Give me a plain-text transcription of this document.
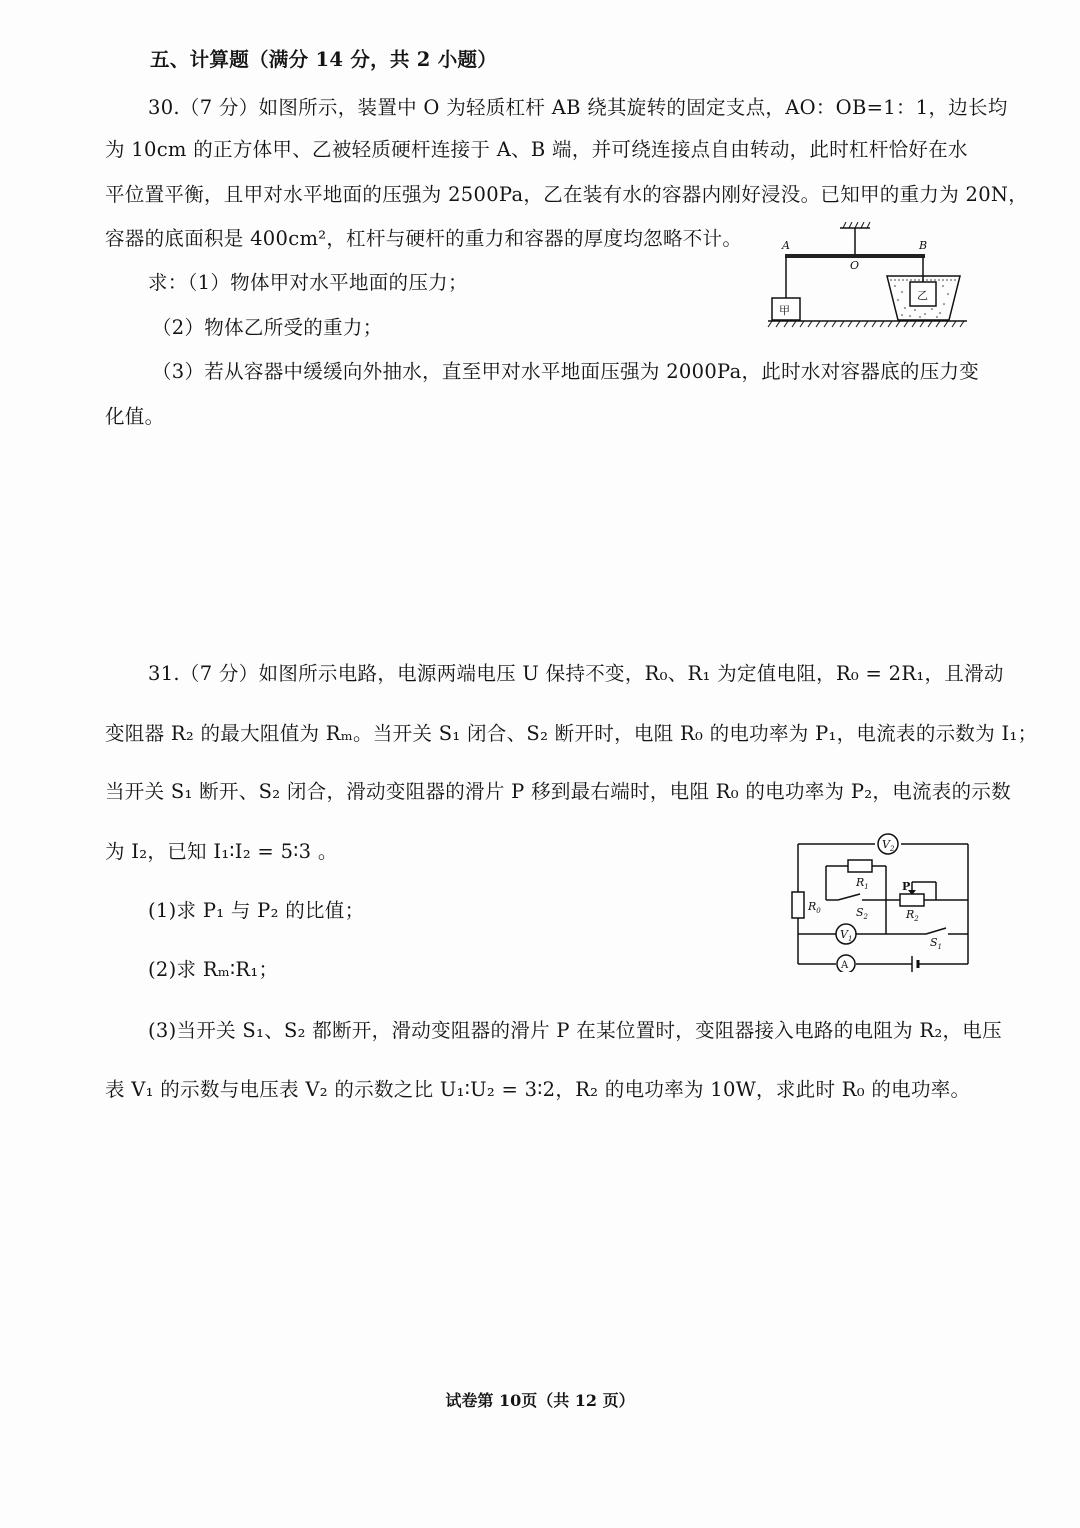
五、计算题（满分 14 分，共 2 小题）
30.（7 分）如图所示，装置中 O 为轻质杠杆 AB 绕其旋转的固定支点，AO：OB=1：1，边长均
为 10cm 的正方体甲、乙被轻质硬杆连接于 A、B 端，并可绕连接点自由转动，此时杠杆恰好在水
平位置平衡，且甲对水平地面的压强为 2500Pa，乙在装有水的容器内刚好浸没。已知甲的重力为 20N，
容器的底面积是 400cm²，杠杆与硬杆的重力和容器的厚度均忽略不计。
求：（1）物体甲对水平地面的压力；
（2）物体乙所受的重力；
（3）若从容器中缓缓向外抽水，直至甲对水平地面压强为 2000Pa，此时水对容器底的压力变
化值。
A
O
B
甲
乙
31.（7 分）如图所示电路，电源两端电压 U 保持不变，R₀、R₁ 为定值电阻，R₀ = 2R₁，且滑动
变阻器 R₂ 的最大阻值为 Rₘ。当开关 S₁ 闭合、S₂ 断开时，电阻 R₀ 的电功率为 P₁，电流表的示数为 I₁；
当开关 S₁ 断开、S₂ 闭合，滑动变阻器的滑片 P 移到最右端时，电阻 R₀ 的电功率为 P₂，电流表的示数
为 I₂，已知 I₁∶I₂ = 5∶3 。
(1)求 P₁ 与 P₂ 的比值；
(2)求 Rₘ∶R₁；
(3)当开关 S₁、S₂ 都断开，滑动变阻器的滑片 P 在某位置时，变阻器接入电路的电阻为 R₂，电压
表 V₁ 的示数与电压表 V₂ 的示数之比 U₁∶U₂ = 3∶2，R₂ 的电功率为 10W，求此时 R₀ 的电功率。
$V_2$
$R_0$
$R_1$
$S_2$
P
$R_2$
$V_1$	$S_1$
A
试卷第 10页（共 12 页）
